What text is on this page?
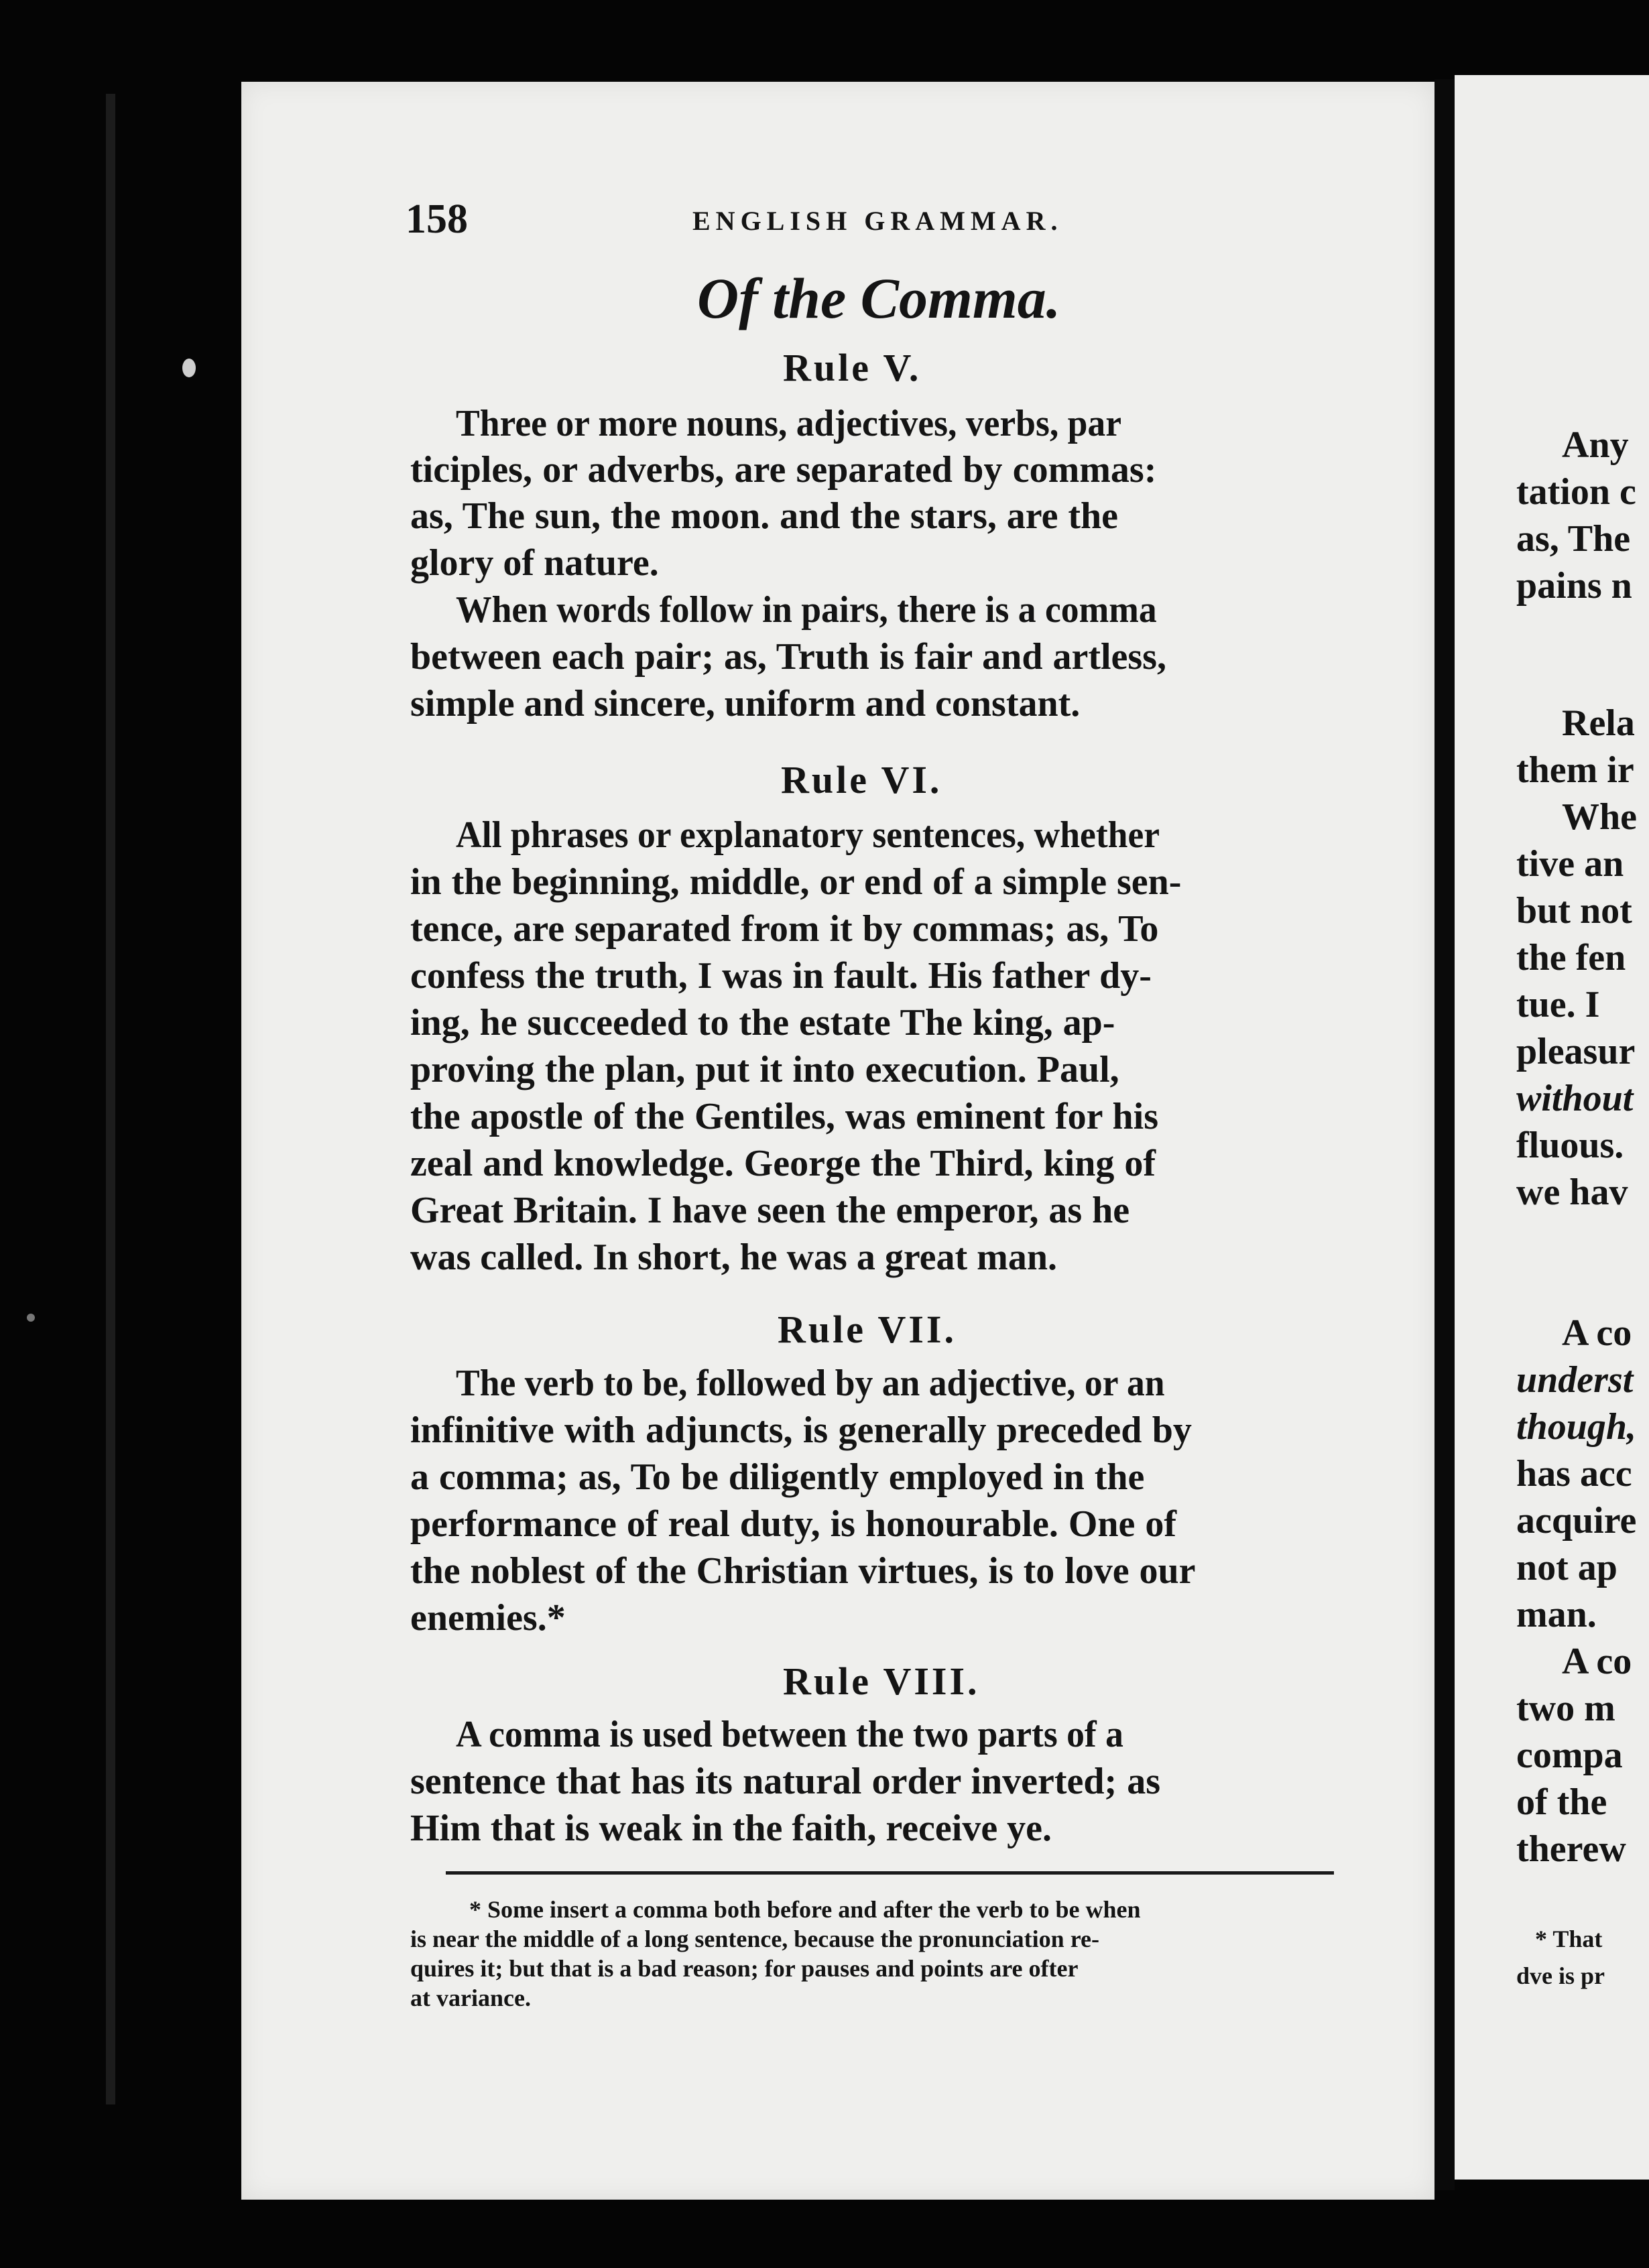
158	ENGLISH GRAMMAR.
Of the Comma.
Rule V.
Three or more nouns, adjectives, verbs, par
ticiples, or adverbs, are separated by commas:
as, The sun, the moon. and the stars, are the
glory of nature.
When words follow in pairs, there is a comma
between each pair; as, Truth is fair and artless,
simple and sincere, uniform and constant.
Rule VI.
All phrases or explanatory sentences, whether
in the beginning, middle, or end of a simple sen-
tence, are separated from it by commas; as, To
confess the truth, I was in fault. His father dy-
ing, he succeeded to the estate The king, ap-
proving the plan, put it into execution. Paul,
the apostle of the Gentiles, was eminent for his
zeal and knowledge. George the Third, king of
Great Britain. I have seen the emperor, as he
was called. In short, he was a great man.
Rule VII.
The verb to be, followed by an adjective, or an
infinitive with adjuncts, is generally preceded by
a comma; as, To be diligently employed in the
performance of real duty, is honourable. One of
the noblest of the Christian virtues, is to love our
enemies.*
Rule VIII.
A comma is used between the two parts of a
sentence that has its natural order inverted; as
Him that is weak in the faith, receive ye.
* Some insert a comma both before and after the verb to be when
is near the middle of a long sentence, because the pronunciation re-
quires it; but that is a bad reason; for pauses and points are ofter
at variance.
Any
tation c
as, The
pains n
Rela
them ir
Whe
tive an
but not
the fen
tue. I
pleasur
without
fluous.
we hav
A co
underst
though,
has acc
acquire
not ap
man.
A co
two m
compa
of the
therew
* That
dve is pr
